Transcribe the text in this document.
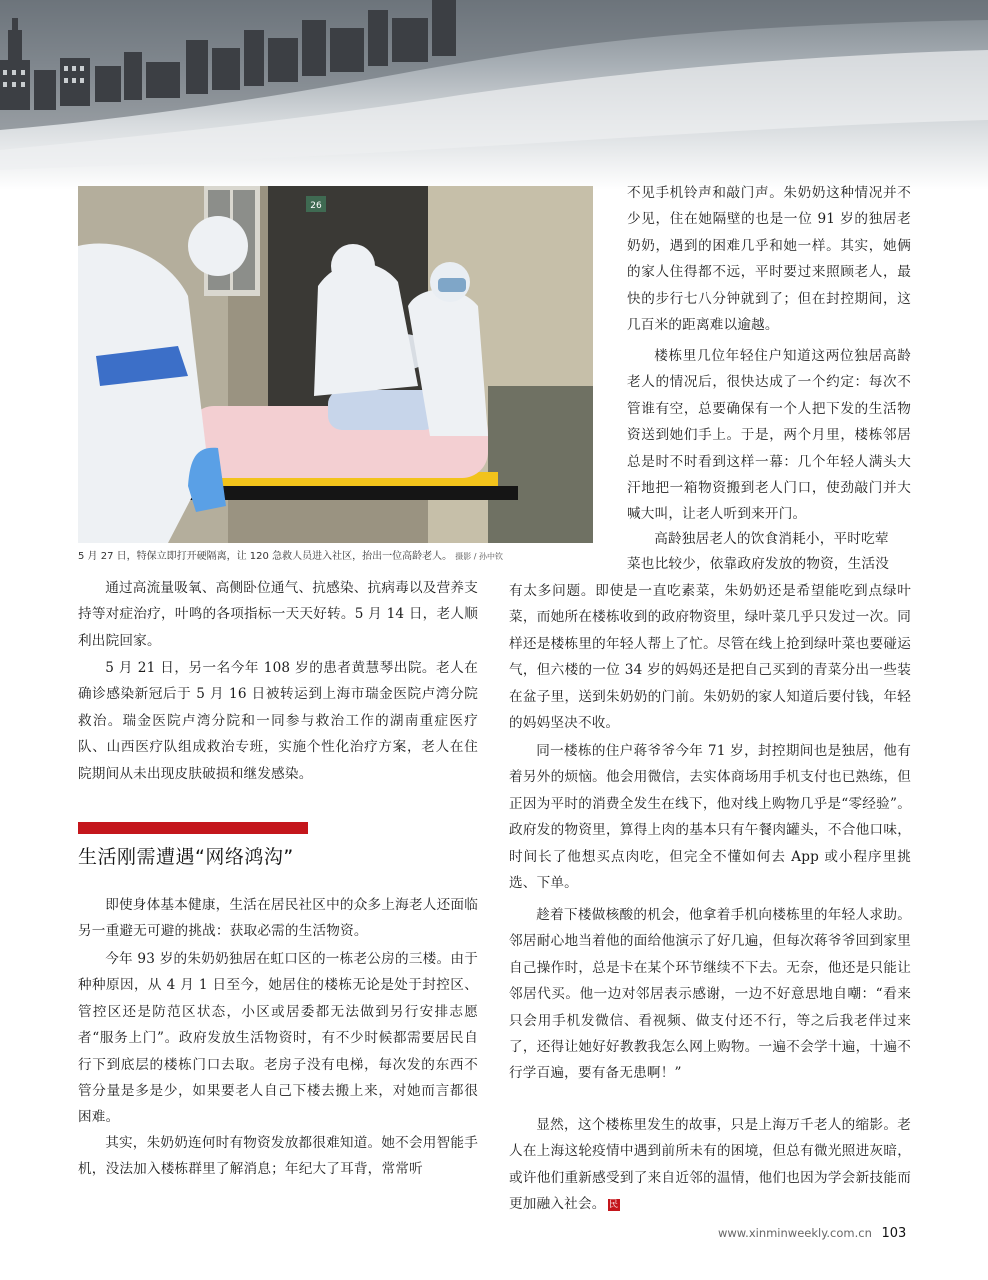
26
5 月 27 日，特保立即打开硬隔离，让 120 急救人员进入社区，抬出一位高龄老人。 摄影 / 孙中钦

通过高流量吸氧、高侧卧位通气、抗感染、抗病毒以及营养支持等对症治疗，叶鸣的各项指标一天天好转。5 月 14 日，老人顺利出院回家。

5 月 21 日，另一名今年 108 岁的患者黄慧琴出院。老人在确诊感染新冠后于 5 月 16 日被转运到上海市瑞金医院卢湾分院救治。瑞金医院卢湾分院和一同参与救治工作的湖南重症医疗队、山西医疗队组成救治专班，实施个性化治疗方案，老人在住院期间从未出现皮肤破损和继发感染。

生活刚需遭遇“网络鸿沟”

即使身体基本健康，生活在居民社区中的众多上海老人还面临另一重避无可避的挑战：获取必需的生活物资。

今年 93 岁的朱奶奶独居在虹口区的一栋老公房的三楼。由于种种原因，从 4 月 1 日至今，她居住的楼栋无论是处于封控区、管控区还是防范区状态，小区或居委都无法做到另行安排志愿者“服务上门”。政府发放生活物资时，有不少时候都需要居民自行下到底层的楼栋门口去取。老房子没有电梯，每次发的东西不管分量是多是少，如果要老人自己下楼去搬上来，对她而言都很困难。

其实，朱奶奶连何时有物资发放都很难知道。她不会用智能手机，没法加入楼栋群里了解消息；年纪大了耳背，常常听

不见手机铃声和敲门声。朱奶奶这种情况并不少见，住在她隔壁的也是一位 91 岁的独居老奶奶，遇到的困难几乎和她一样。其实，她俩的家人住得都不远，平时要过来照顾老人，最快的步行七八分钟就到了；但在封控期间，这几百米的距离难以逾越。

楼栋里几位年轻住户知道这两位独居高龄老人的情况后，很快达成了一个约定：每次不管谁有空，总要确保有一个人把下发的生活物资送到她们手上。于是，两个月里，楼栋邻居总是时不时看到这样一幕：几个年轻人满头大汗地把一箱物资搬到老人门口，使劲敲门并大喊大叫，让老人听到来开门。

高龄独居老人的饮食消耗小，平时吃荤

菜也比较少，依靠政府发放的物资，生活没

有太多问题。即使是一直吃素菜，朱奶奶还是希望能吃到点绿叶菜，而她所在楼栋收到的政府物资里，绿叶菜几乎只发过一次。同样还是楼栋里的年轻人帮上了忙。尽管在线上抢到绿叶菜也要碰运气，但六楼的一位 34 岁的妈妈还是把自己买到的青菜分出一些装在盆子里，送到朱奶奶的门前。朱奶奶的家人知道后要付钱，年轻的妈妈坚决不收。

同一楼栋的住户蒋爷爷今年 71 岁，封控期间也是独居，他有着另外的烦恼。他会用微信，去实体商场用手机支付也已熟练，但正因为平时的消费全发生在线下，他对线上购物几乎是“零经验”。政府发的物资里，算得上肉的基本只有午餐肉罐头，不合他口味，时间长了他想买点肉吃，但完全不懂如何去 App 或小程序里挑选、下单。

趁着下楼做核酸的机会，他拿着手机向楼栋里的年轻人求助。邻居耐心地当着他的面给他演示了好几遍，但每次蒋爷爷回到家里自己操作时，总是卡在某个环节继续不下去。无奈，他还是只能让邻居代买。他一边对邻居表示感谢，一边不好意思地自嘲：“看来只会用手机发微信、看视频、做支付还不行，等之后我老伴过来了，还得让她好好教教我怎么网上购物。一遍不会学十遍，十遍不行学百遍，要有备无患啊！”

显然，这个楼栋里发生的故事，只是上海万千老人的缩影。老人在上海这轮疫情中遇到前所未有的困境，但总有微光照进灰暗，或许他们重新感受到了来自近邻的温情，他们也因为学会新技能而更加融入社会。 民

www.xinminweekly.com.cn 103
